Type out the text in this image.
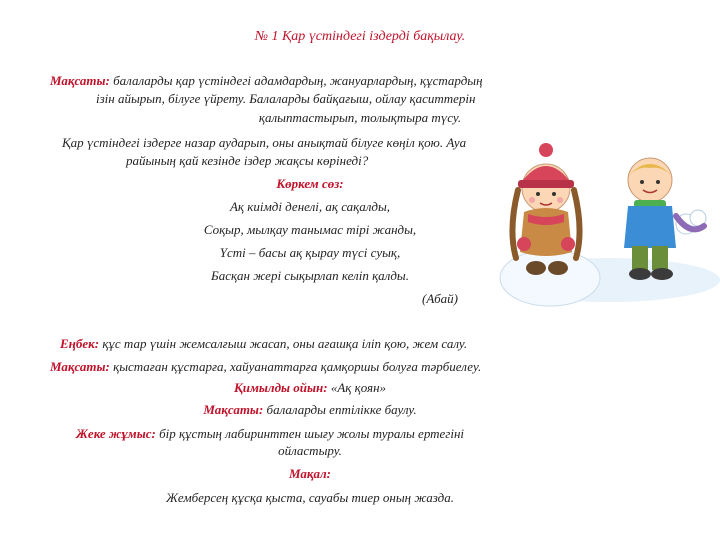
№ 1 Қар үстіндегі іздерді бақылау.
Мақсаты: балаларды қар үстіндегі адамдардың, жануарлардың, құстардың
ізін айырып, білуге үйрету. Балаларды байқағыш, ойлау қаситтерін
қалыптастырып, толықтыра түсу.
Қар үстіндегі іздерге назар аударып, оны анықтай білуге көңіл қою. Ауа
райының қай кезінде іздер жақсы көрінеді?
Көркем сөз:
Ақ киімді денелі, ақ сақалды,
Соқыр, мылқау танымас тірі жанды,
Үсті – басы ақ қырау түсі суық,
Басқан жері сықырлап келіп қалды.
(Абай)
Еңбек: құс тар үшін жемсалғыш жасап, оны ағашқа іліп қою, жем салу.
Мақсаты: қыстаған құстарға, хайуанаттарға қамқоршы болуға тәрбиелеу.
Қимылды ойын: «Ақ қоян»
Мақсаты: балаларды ептілікке баулу.
Жеке жұмыс: бір құстың лабиринттен шығу жолы туралы ертегіні
ойластыру.
Мақал:
Жемберсең құсқа қыста, сауабы тиер оның жазда.
